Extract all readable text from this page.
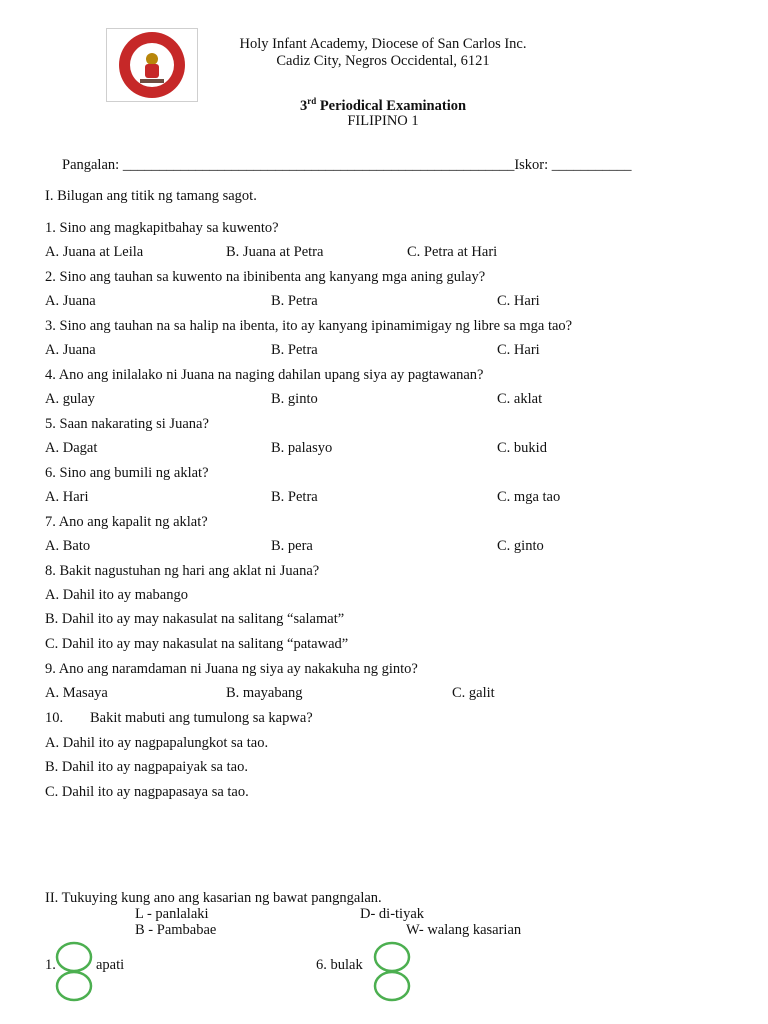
Holy Infant Academy, Diocese of San Carlos Inc.
Cadiz City, Negros Occidental, 6121
3rd Periodical Examination
FILIPINO 1
Pangalan: ______________________________________________________Iskor: ___________
I. Bilugan ang titik ng tamang sagot.
1. Sino ang magkapitbahay sa kuwento?
A. Juana at Leila	B. Juana at Petra	C. Petra at Hari
2. Sino ang tauhan sa kuwento na ibinibenta ang kanyang mga aning gulay?
A. Juana	B. Petra	C. Hari
3. Sino ang tauhan na sa halip na ibenta, ito ay kanyang ipinamimigay ng libre sa mga tao?
A. Juana	B. Petra	C. Hari
4. Ano ang inilalako ni Juana na naging dahilan upang siya ay pagtawanan?
A. gulay	B. ginto	C. aklat
5. Saan nakarating si Juana?
A. Dagat	B. palasyo	C. bukid
6. Sino ang bumili ng aklat?
A. Hari	B. Petra	C. mga tao
7. Ano ang kapalit ng aklat?
A. Bato	B. pera	C. ginto
8. Bakit nagustuhan ng hari ang aklat ni Juana?
A. Dahil ito ay mabango
B. Dahil ito ay may nakasulat na salitang “salamat”
C. Dahil ito ay may nakasulat na salitang “patawad”
9. Ano ang naramdaman ni Juana ng siya ay nakakuha ng ginto?
A. Masaya	B. mayabang	C. galit
10. Bakit mabuti ang tumulong sa kapwa?
A. Dahil ito ay nagpapalungkot sa tao.
B. Dahil ito ay nagpapaiyak sa tao.
C. Dahil ito ay nagpapasaya sa tao.
II. Tukuying kung ano ang kasarian ng bawat pangngalan.
L - panlalaki	D- di-tiyak
B - Pambabae	W- walang kasarian
1.	apati	6. bulak
